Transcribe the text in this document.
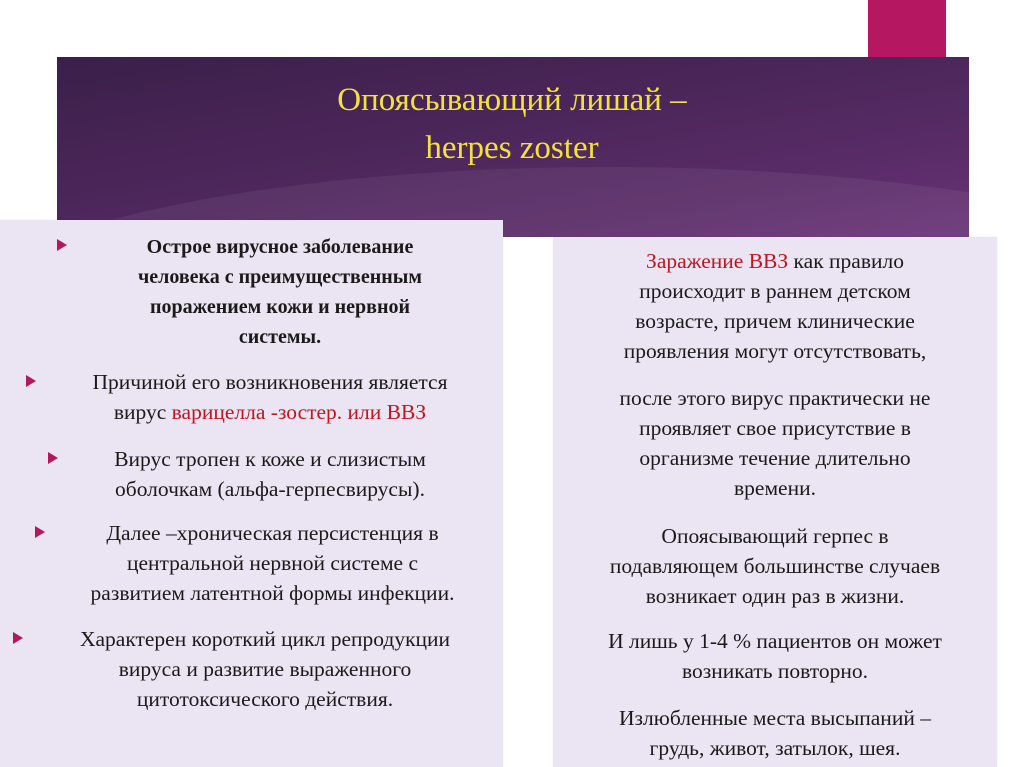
Опоясывающий лишай –
herpes zoster
Острое вирусное заболевание
человека с преимущественным
поражением кожи и нервной
системы.
Причиной его возникновения является
вирус варицелла -зостер. или ВВЗ
Вирус тропен к коже и слизистым
оболочкам (альфа-герпесвирусы).
Далее –хроническая персистенция в
центральной нервной системе с
развитием латентной формы инфекции.
Характерен короткий цикл репродукции
вируса и развитие выраженного
цитотоксического действия.
Заражение ВВЗ как правило
происходит в раннем детском
возрасте, причем клинические
проявления могут отсутствовать,
после этого вирус практически не
проявляет свое присутствие в
организме течение длительно
времени.
Опоясывающий герпес в
подавляющем большинстве случаев
возникает один раз в жизни.
И лишь у 1-4 % пациентов он может
возникать повторно.
Излюбленные места высыпаний –
грудь, живот, затылок, шея.
